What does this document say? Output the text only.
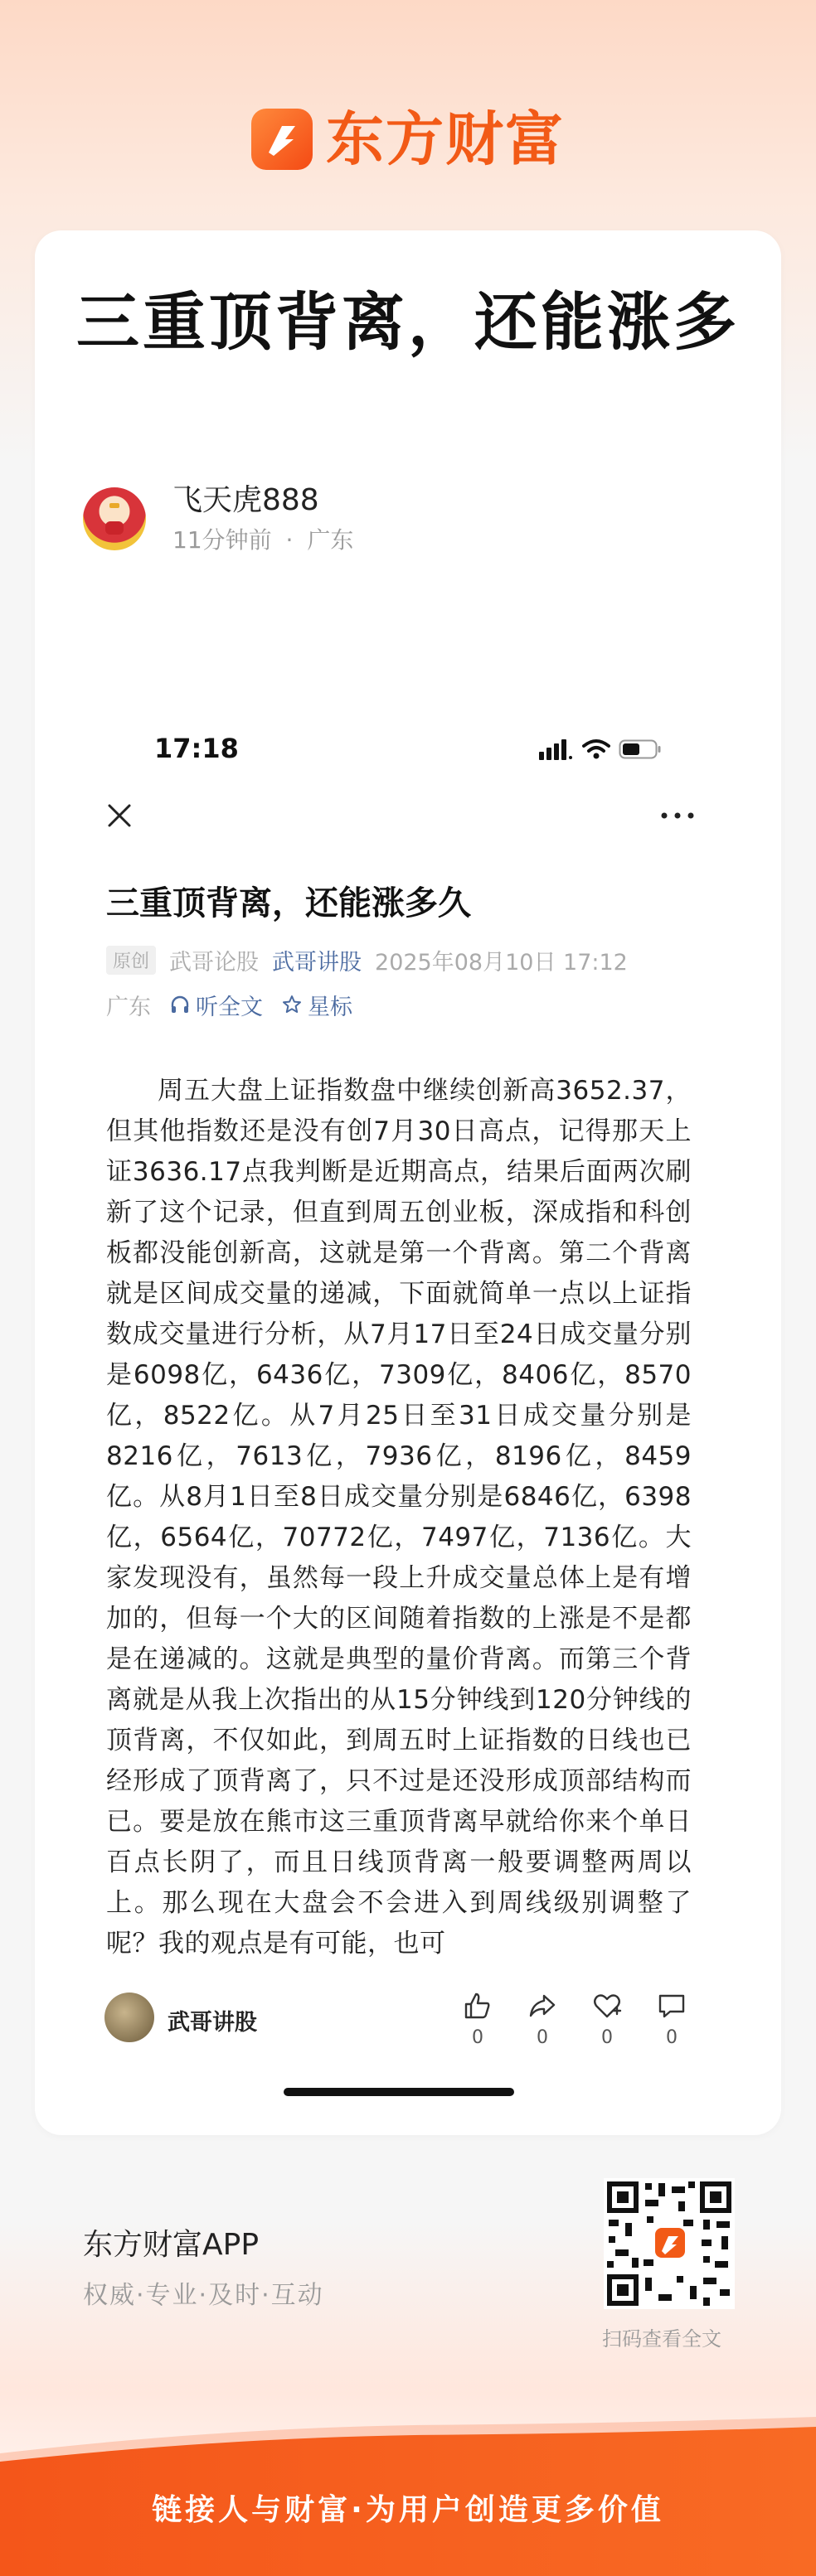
东方财富
三重顶背离，还能涨多
飞天虎888
11分钟前 · 广东
17:18
三重顶背离，还能涨多久
原创 武哥论股 武哥讲股 2025年08月10日 17:12
广东 听全文 星标
周五大盘上证指数盘中继续创新高3652.37，但其他指数还是没有创7月30日高点，记得那天上证3636.17点我判断是近期高点，结果后面两次刷新了这个记录，但直到周五创业板，深成指和科创板都没能创新高，这就是第一个背离。第二个背离就是区间成交量的递减，下面就简单一点以上证指数成交量进行分析，从7月17日至24日成交量分别是6098亿，6436亿，7309亿，8406亿，8570亿，8522亿。从7月25日至31日成交量分别是8216亿，7613亿，7936亿，8196亿，8459亿。从8月1日至8日成交量分别是6846亿，6398亿，6564亿，70772亿，7497亿，7136亿。大家发现没有，虽然每一段上升成交量总体上是有增加的，但每一个大的区间随着指数的上涨是不是都是在递减的。这就是典型的量价背离。而第三个背离就是从我上次指出的从15分钟线到120分钟线的顶背离，不仅如此，到周五时上证指数的日线也已经形成了顶背离了，只不过是还没形成顶部结构而已。要是放在熊市这三重顶背离早就给你来个单日百点长阴了，而且日线顶背离一般要调整两周以上。那么现在大盘会不会进入到周线级别调整了呢？我的观点是有可能，也可
武哥讲股
0	0	0	0
东方财富APP
权威·专业·及时·互动
扫码查看全文
链接人与财富·为用户创造更多价值
